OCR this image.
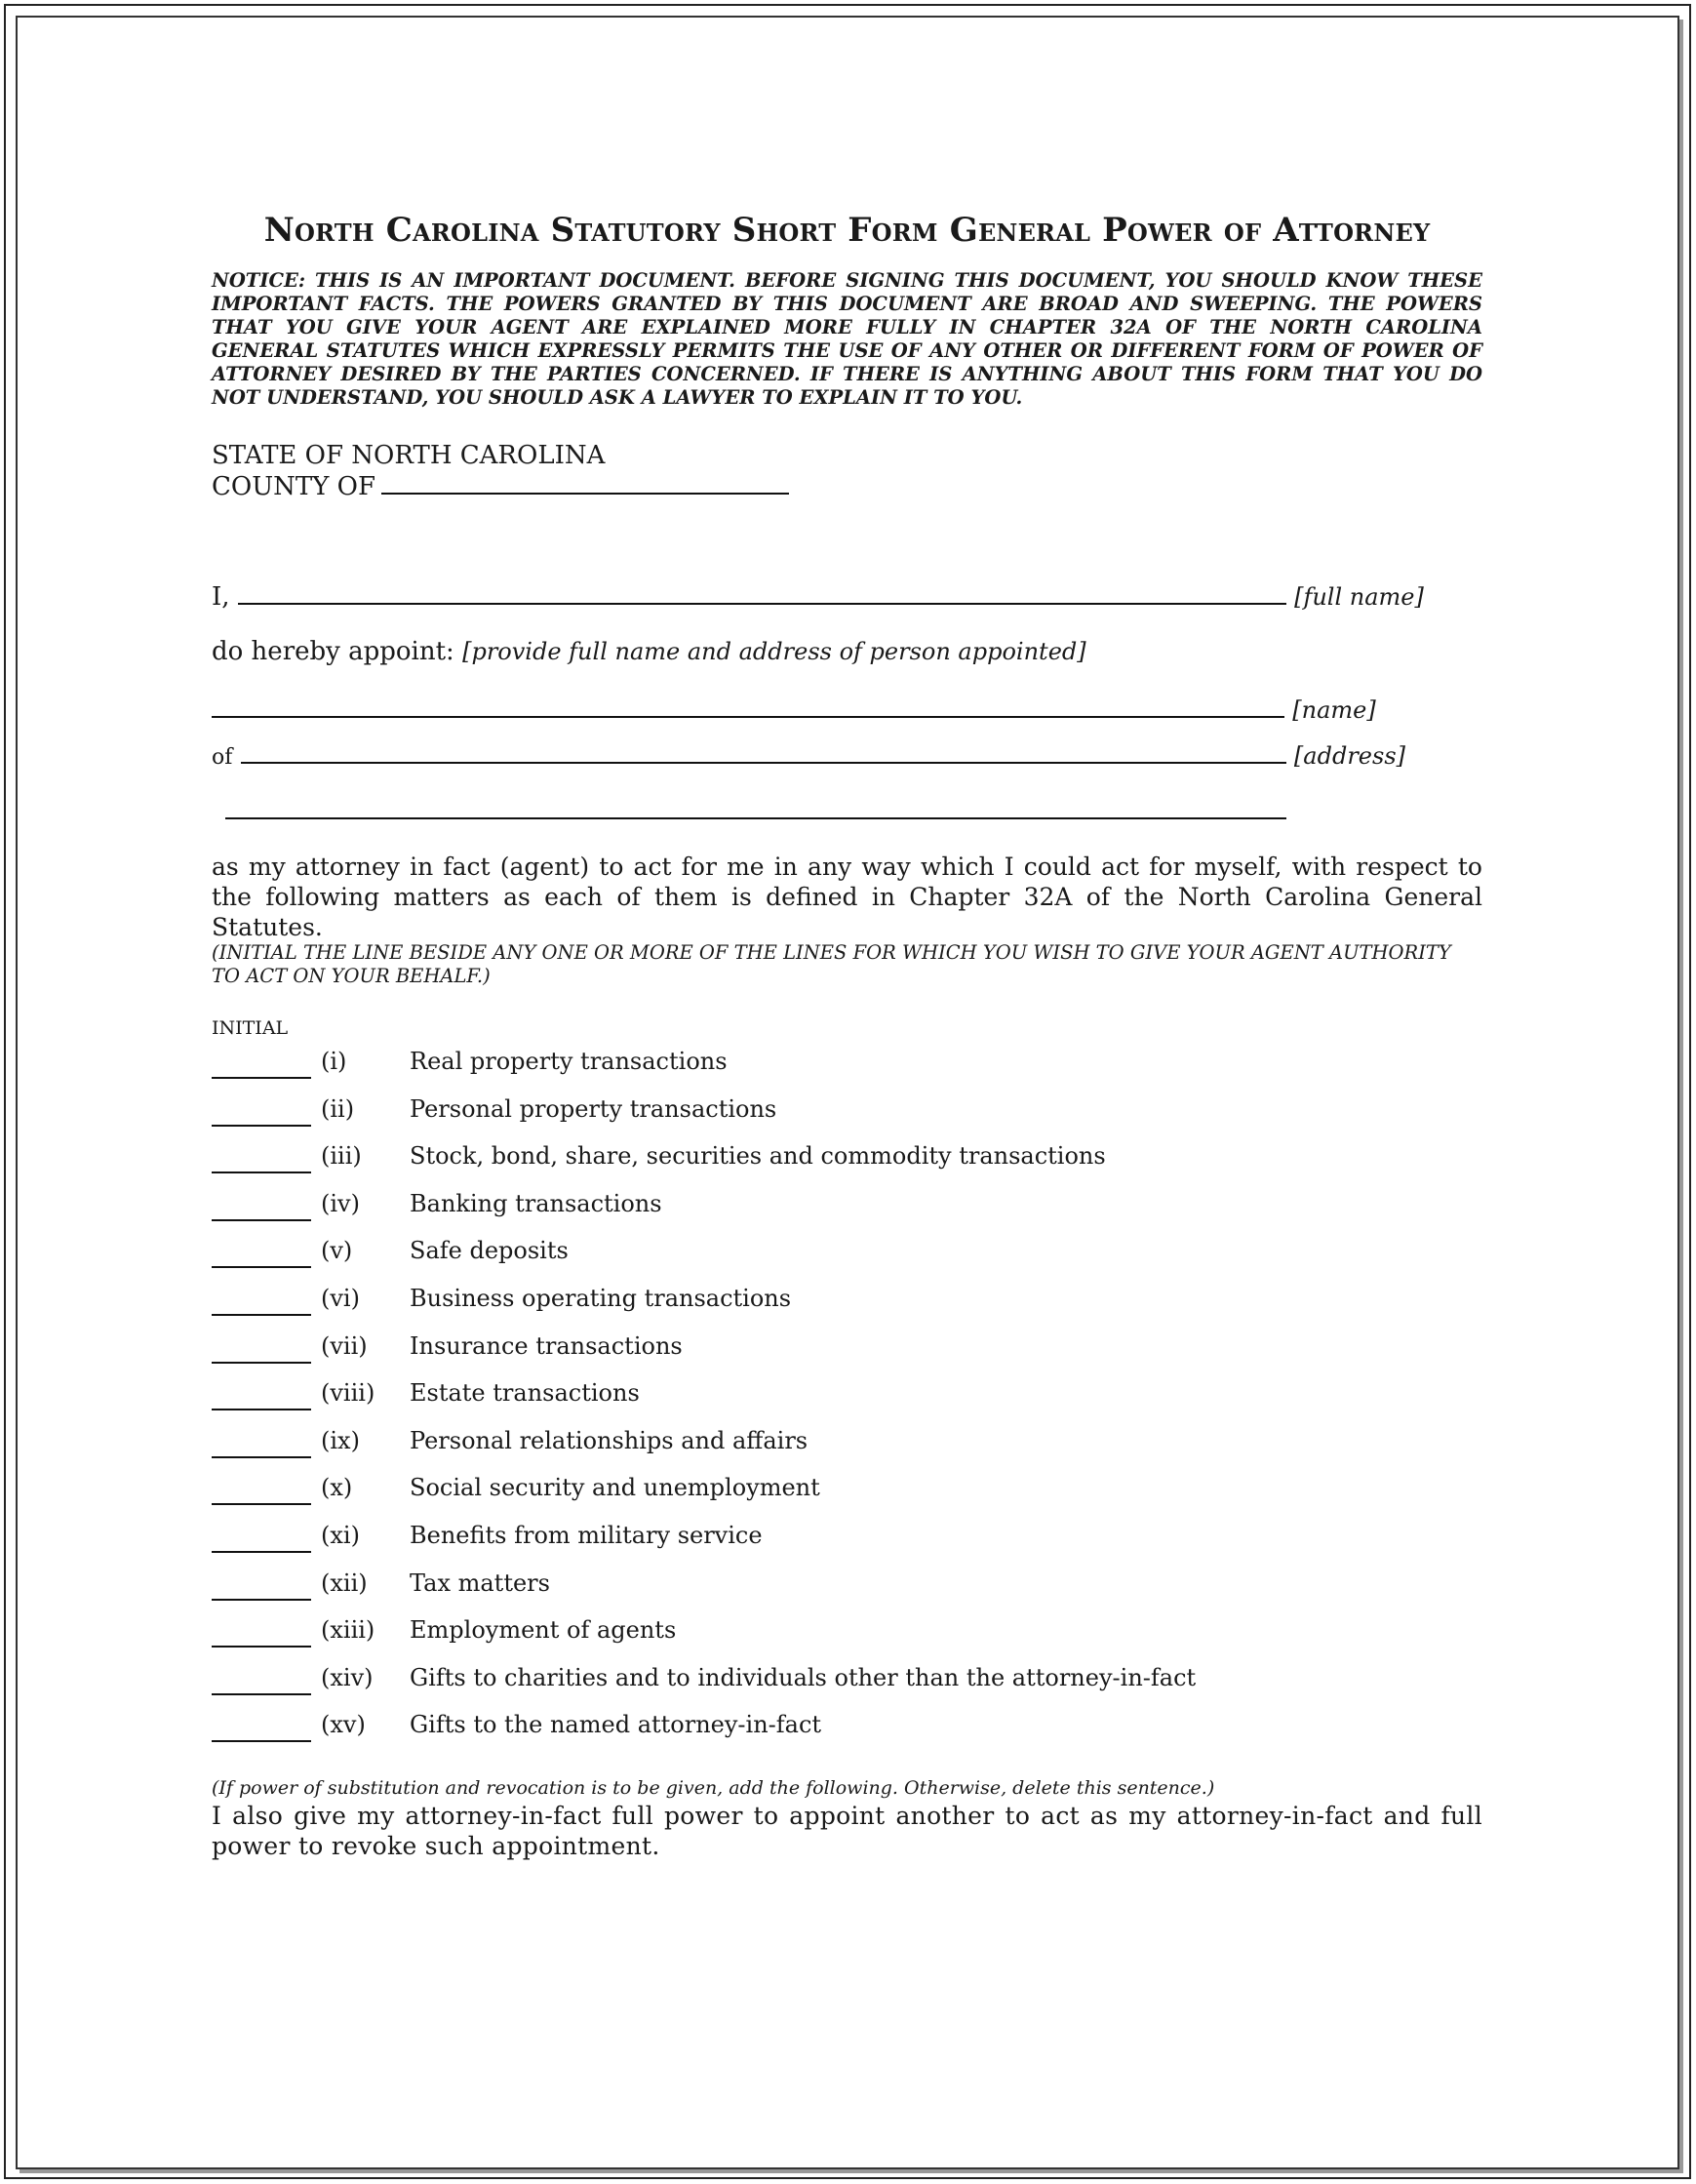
North Carolina Statutory Short Form General Power of Attorney
NOTICE: THIS IS AN IMPORTANT DOCUMENT. BEFORE SIGNING THIS DOCUMENT, YOU SHOULD KNOW THESE IMPORTANT FACTS. THE POWERS GRANTED BY THIS DOCUMENT ARE BROAD AND SWEEPING. THE POWERS THAT YOU GIVE YOUR AGENT ARE EXPLAINED MORE FULLY IN CHAPTER 32A OF THE NORTH CAROLINA GENERAL STATUTES WHICH EXPRESSLY PERMITS THE USE OF ANY OTHER OR DIFFERENT FORM OF POWER OF ATTORNEY DESIRED BY THE PARTIES CONCERNED. IF THERE IS ANYTHING ABOUT THIS FORM THAT YOU DO NOT UNDERSTAND, YOU SHOULD ASK A LAWYER TO EXPLAIN IT TO YOU.
STATE OF NORTH CAROLINA
COUNTY OF
I,	[full name]
do hereby appoint: [provide full name and address of person appointed]
[name]
of	[address]
as my attorney in fact (agent) to act for me in any way which I could act for myself, with respect to the following matters as each of them is defined in Chapter 32A of the North Carolina General Statutes.
(INITIAL THE LINE BESIDE ANY ONE OR MORE OF THE LINES FOR WHICH YOU WISH TO GIVE YOUR AGENT AUTHORITY TO ACT ON YOUR BEHALF.)
INITIAL
(i)	Real property transactions
(ii) Personal property transactions
(iii) Stock, bond, share, securities and commodity transactions
(iv) Banking transactions
(v) Safe deposits
(vi) Business operating transactions
(vii) Insurance transactions
(viii) Estate transactions
(ix) Personal relationships and affairs
(x) Social security and unemployment
(xi) Benefits from military service
(xii) Tax matters
(xiii) Employment of agents
(xiv) Gifts to charities and to individuals other than the attorney-in-fact
(xv) Gifts to the named attorney-in-fact
(If power of substitution and revocation is to be given, add the following. Otherwise, delete this sentence.)
I also give my attorney-in-fact full power to appoint another to act as my attorney-in-fact and full power to revoke such appointment.
